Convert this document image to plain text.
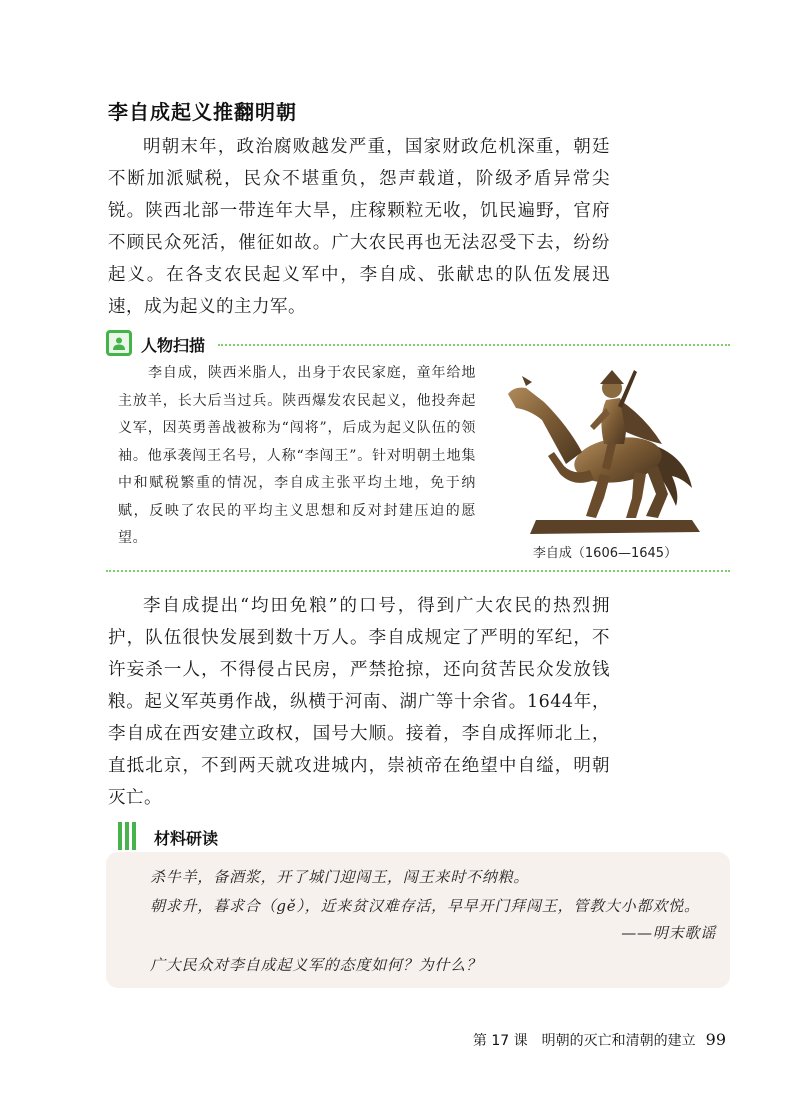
李自成起义推翻明朝

明朝末年，政治腐败越发严重，国家财政危机深重，朝廷不断加派赋税，民众不堪重负，怨声载道，阶级矛盾异常尖锐。陕西北部一带连年大旱，庄稼颗粒无收，饥民遍野，官府不顾民众死活，催征如故。广大农民再也无法忍受下去，纷纷起义。在各支农民起义军中，李自成、张献忠的队伍发展迅速，成为起义的主力军。

人物扫描

李自成，陕西米脂人，出身于农民家庭，童年给地主放羊，长大后当过兵。陕西爆发农民起义，他投奔起义军，因英勇善战被称为“闯将”，后成为起义队伍的领袖。他承袭闯王名号，人称“李闯王”。针对明朝土地集中和赋税繁重的情况，李自成主张平均土地，免于纳赋，反映了农民的平均主义思想和反对封建压迫的愿望。

李自成（1606—1645）

李自成提出“均田免粮”的口号，得到广大农民的热烈拥护，队伍很快发展到数十万人。李自成规定了严明的军纪，不许妄杀一人，不得侵占民房，严禁抢掠，还向贫苦民众发放钱粮。起义军英勇作战，纵横于河南、湖广等十余省。1644年，李自成在西安建立政权，国号大顺。接着，李自成挥师北上，直抵北京，不到两天就攻进城内，崇祯帝在绝望中自缢，明朝灭亡。

材料研读
杀牛羊，备酒浆，开了城门迎闯王，闯王来时不纳粮。
朝求升，暮求合（gě），近来贫汉难存活，早早开门拜闯王，管教大小都欢悦。
——明末歌谣
广大民众对李自成起义军的态度如何？为什么？
第 17 课　明朝的灭亡和清朝的建立 99
